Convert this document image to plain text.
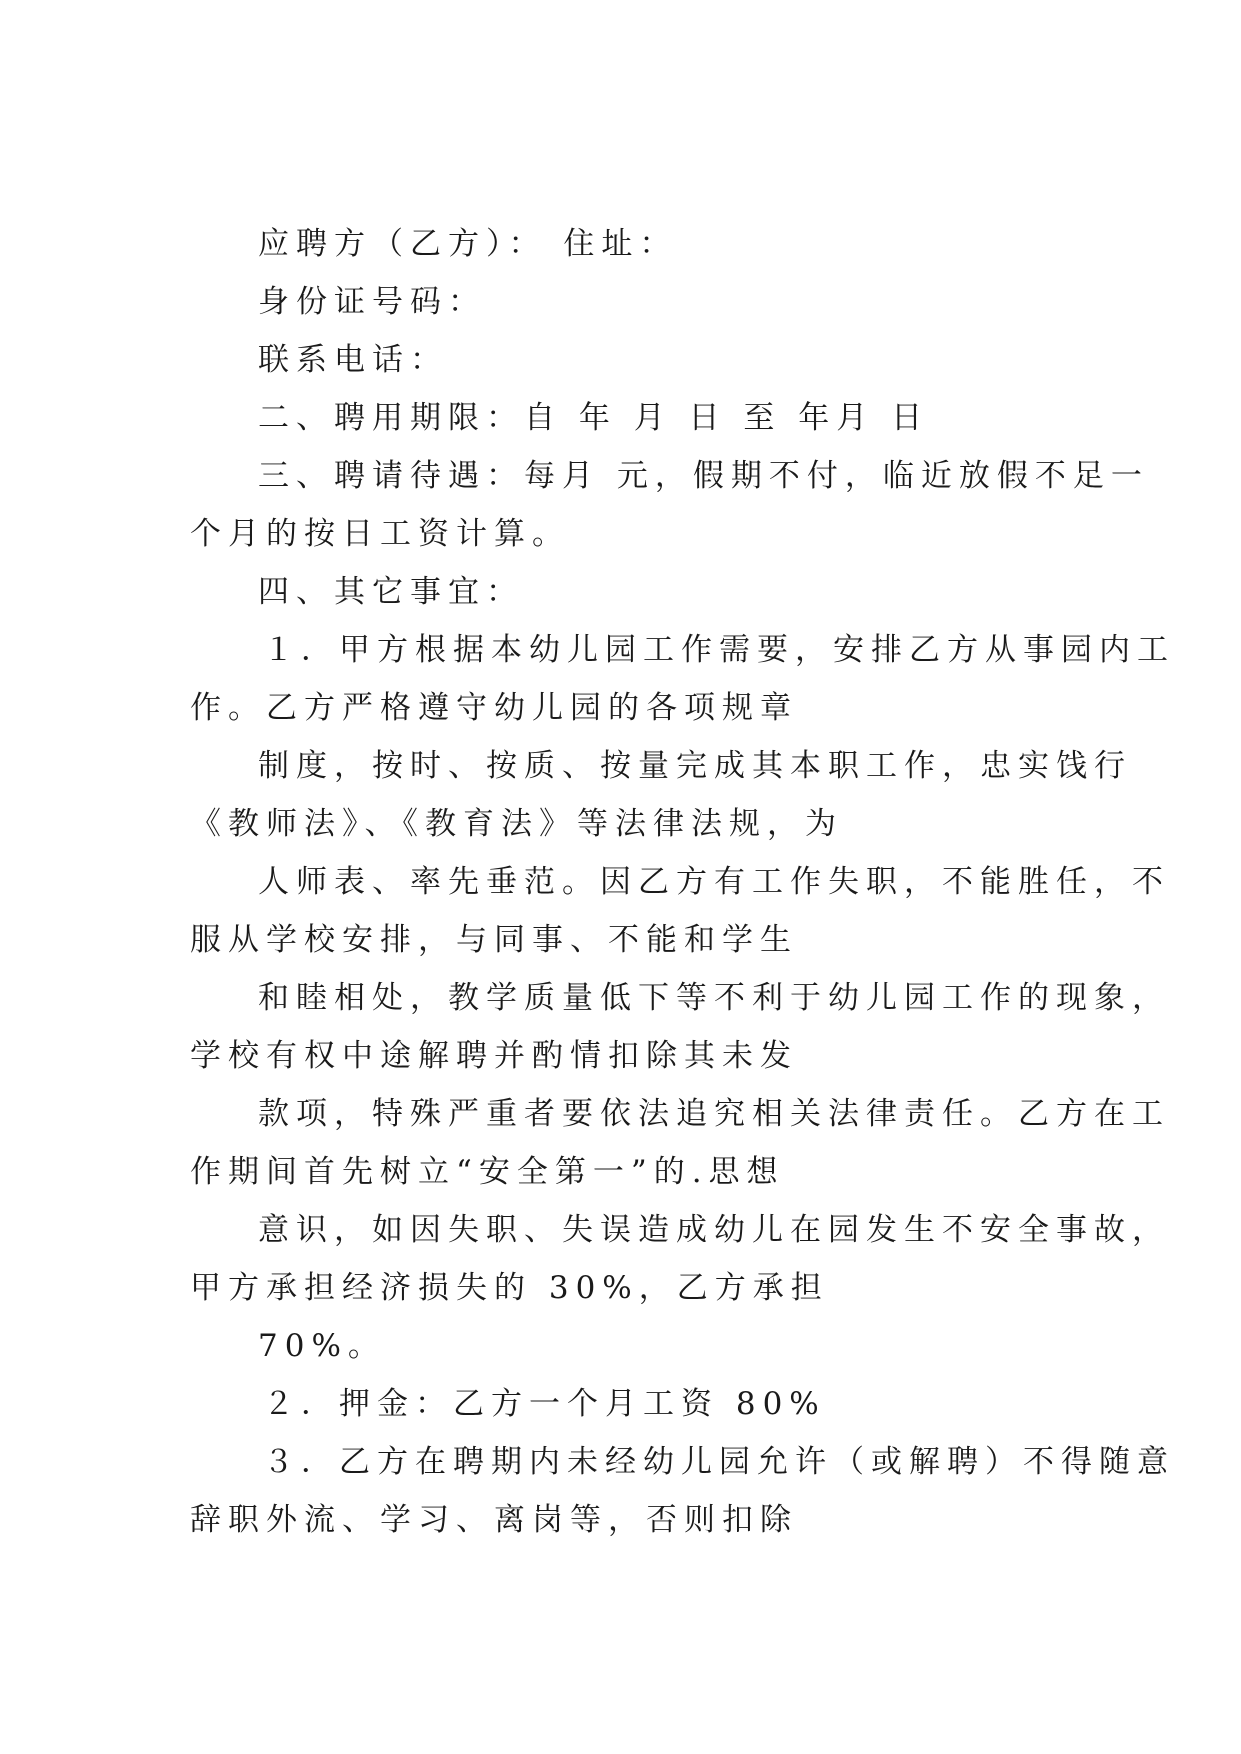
应聘方（乙方）： 住址：
身份证号码：
联系电话：
二、聘用期限：自 年 月 日 至 年月 日
三、聘请待遇：每月 元，假期不付，临近放假不足一
个月的按日工资计算。
四、其它事宜：
１．甲方根据本幼儿园工作需要，安排乙方从事园内工
作。乙方严格遵守幼儿园的各项规章
制度，按时、按质、按量完成其本职工作，忠实饯行
《教师法》、《教育法》等法律法规，为
人师表、率先垂范。因乙方有工作失职，不能胜任，不
服从学校安排，与同事、不能和学生
和睦相处，教学质量低下等不利于幼儿园工作的现象，
学校有权中途解聘并酌情扣除其未发
款项，特殊严重者要依法追究相关法律责任。乙方在工
作期间首先树立“安全第一”的.思想
意识，如因失职、失误造成幼儿在园发生不安全事故，
甲方承担经济损失的 30%，乙方承担
70%。
２．押金：乙方一个月工资 80%
３．乙方在聘期内未经幼儿园允许（或解聘）不得随意
辞职外流、学习、离岗等，否则扣除
